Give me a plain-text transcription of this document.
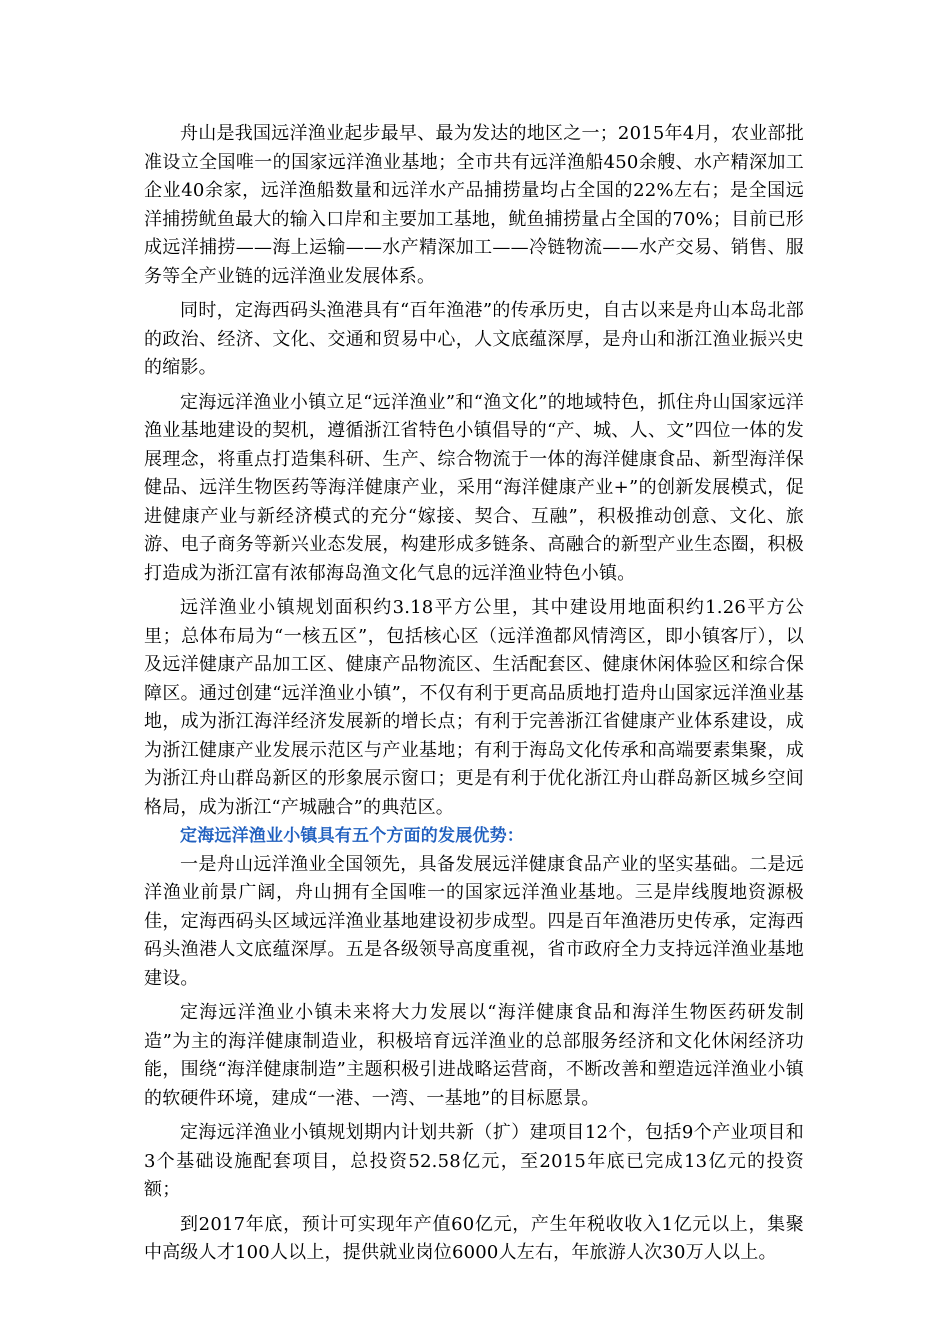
舟山是我国远洋渔业起步最早、最为发达的地区之一；2015年4月，农业部批准设立全国唯一的国家远洋渔业基地；全市共有远洋渔船450余艘、水产精深加工企业40余家，远洋渔船数量和远洋水产品捕捞量均占全国的22%左右；是全国远洋捕捞鱿鱼最大的输入口岸和主要加工基地，鱿鱼捕捞量占全国的70%；目前已形成远洋捕捞——海上运输——水产精深加工——冷链物流——水产交易、销售、服务等全产业链的远洋渔业发展体系。

同时，定海西码头渔港具有“百年渔港”的传承历史，自古以来是舟山本岛北部的政治、经济、文化、交通和贸易中心，人文底蕴深厚，是舟山和浙江渔业振兴史的缩影。

定海远洋渔业小镇立足“远洋渔业”和“渔文化”的地域特色，抓住舟山国家远洋渔业基地建设的契机，遵循浙江省特色小镇倡导的“产、城、人、文”四位一体的发展理念，将重点打造集科研、生产、综合物流于一体的海洋健康食品、新型海洋保健品、远洋生物医药等海洋健康产业，采用“海洋健康产业+”的创新发展模式，促进健康产业与新经济模式的充分“嫁接、契合、互融”，积极推动创意、文化、旅游、电子商务等新兴业态发展，构建形成多链条、高融合的新型产业生态圈，积极打造成为浙江富有浓郁海岛渔文化气息的远洋渔业特色小镇。

远洋渔业小镇规划面积约3.18平方公里，其中建设用地面积约1.26平方公里；总体布局为“一核五区”，包括核心区（远洋渔都风情湾区，即小镇客厅），以及远洋健康产品加工区、健康产品物流区、生活配套区、健康休闲体验区和综合保障区。通过创建“远洋渔业小镇”，不仅有利于更高品质地打造舟山国家远洋渔业基地，成为浙江海洋经济发展新的增长点；有利于完善浙江省健康产业体系建设，成为浙江健康产业发展示范区与产业基地；有利于海岛文化传承和高端要素集聚，成为浙江舟山群岛新区的形象展示窗口；更是有利于优化浙江舟山群岛新区城乡空间格局，成为浙江“产城融合”的典范区。

定海远洋渔业小镇具有五个方面的发展优势：

一是舟山远洋渔业全国领先，具备发展远洋健康食品产业的坚实基础。二是远洋渔业前景广阔，舟山拥有全国唯一的国家远洋渔业基地。三是岸线腹地资源极佳，定海西码头区域远洋渔业基地建设初步成型。四是百年渔港历史传承，定海西码头渔港人文底蕴深厚。五是各级领导高度重视，省市政府全力支持远洋渔业基地建设。

定海远洋渔业小镇未来将大力发展以“海洋健康食品和海洋生物医药研发制造”为主的海洋健康制造业，积极培育远洋渔业的总部服务经济和文化休闲经济功能，围绕“海洋健康制造”主题积极引进战略运营商，不断改善和塑造远洋渔业小镇的软硬件环境，建成“一港、一湾、一基地”的目标愿景。

定海远洋渔业小镇规划期内计划共新（扩）建项目12个，包括9个产业项目和3个基础设施配套项目，总投资52.58亿元，至2015年底已完成13亿元的投资额；

到2017年底，预计可实现年产值60亿元，产生年税收收入1亿元以上，集聚中高级人才100人以上，提供就业岗位6000人左右，年旅游人次30万人以上。
